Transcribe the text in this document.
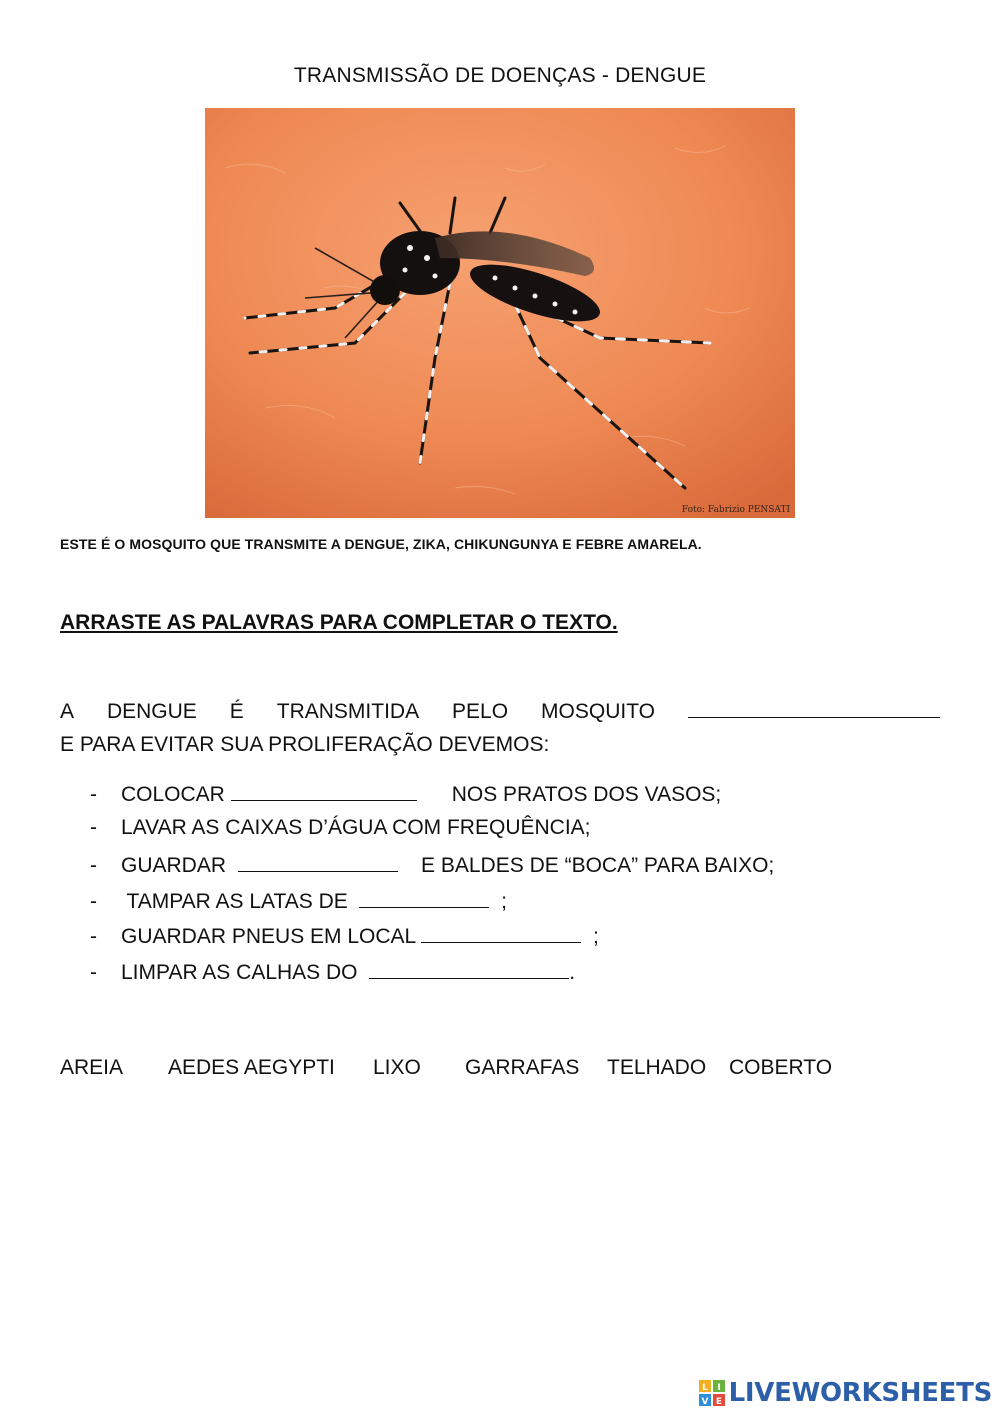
TRANSMISSÃO DE DOENÇAS - DENGUE
Foto: Fabrizio PENSATI
ESTE É O MOSQUITO QUE TRANSMITE A DENGUE, ZIKA, CHIKUNGUNYA E FEBRE AMARELA.
ARRASTE AS PALAVRAS PARA COMPLETAR O TEXTO.
A DENGUE É TRANSMITIDA PELO MOSQUITO
E PARA EVITAR SUA PROLIFERAÇÃO DEVEMOS:
-	COLOCAR	NOS PRATOS DOS VASOS;
-	LAVAR AS CAIXAS D’ÁGUA COM FREQUÊNCIA;
-	GUARDAR	E BALDES DE “BOCA” PARA BAIXO;
-	TAMPAR AS LATAS DE	;
-	GUARDAR PNEUS EM LOCAL	;
-	LIMPAR AS CALHAS DO	.
AREIA AEDES AEGYPTI LIXO GARRAFAS TELHADO COBERTO
L I
V E LIVEWORKSHEETS
